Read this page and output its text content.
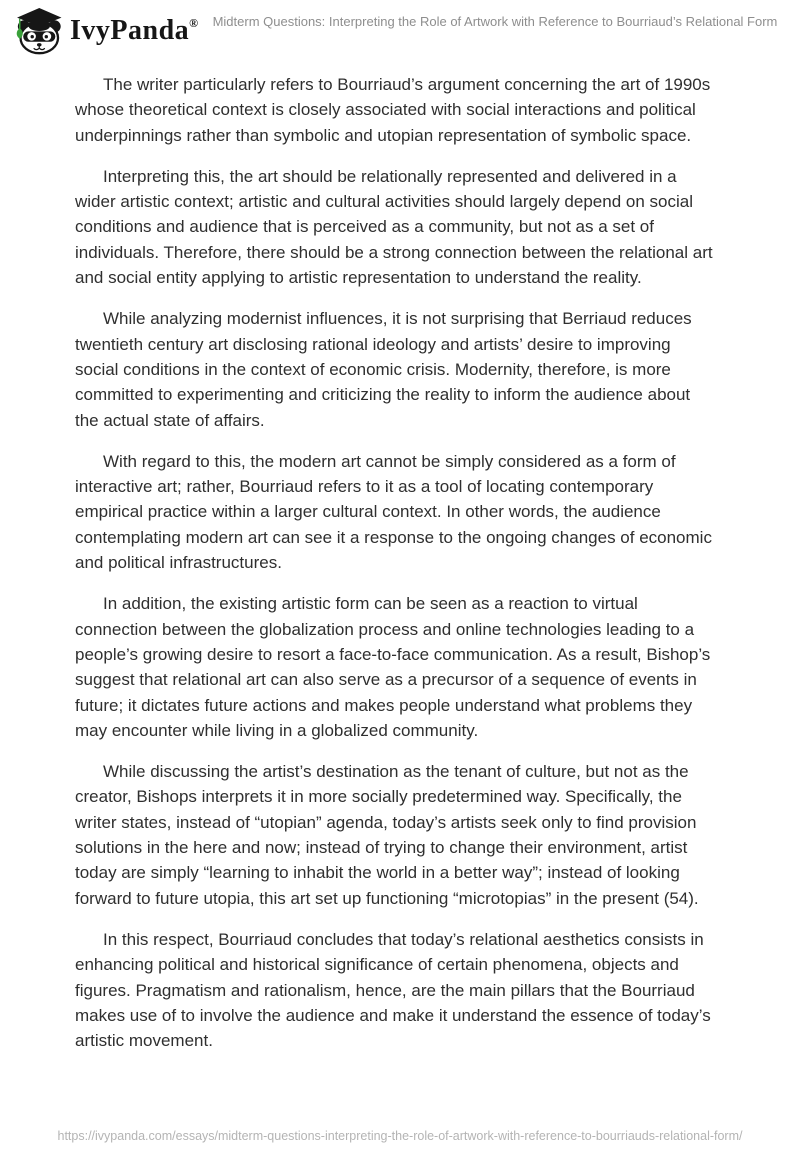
IvyPanda® Midterm Questions: Interpreting the Role of Artwork with Reference to Bourriaud’s Relational Form

The writer particularly refers to Bourriaud’s argument concerning the art of 1990s whose theoretical context is closely associated with social interactions and political underpinnings rather than symbolic and utopian representation of symbolic space.

Interpreting this, the art should be relationally represented and delivered in a wider artistic context; artistic and cultural activities should largely depend on social conditions and audience that is perceived as a community, but not as a set of individuals. Therefore, there should be a strong connection between the relational art and social entity applying to artistic representation to understand the reality.

While analyzing modernist influences, it is not surprising that Berriaud reduces twentieth century art disclosing rational ideology and artists’ desire to improving social conditions in the context of economic crisis. Modernity, therefore, is more committed to experimenting and criticizing the reality to inform the audience about the actual state of affairs.

With regard to this, the modern art cannot be simply considered as a form of interactive art; rather, Bourriaud refers to it as a tool of locating contemporary empirical practice within a larger cultural context. In other words, the audience contemplating modern art can see it a response to the ongoing changes of economic and political infrastructures.

In addition, the existing artistic form can be seen as a reaction to virtual connection between the globalization process and online technologies leading to a people’s growing desire to resort a face-to-face communication. As a result, Bishop’s suggest that relational art can also serve as a precursor of a sequence of events in future; it dictates future actions and makes people understand what problems they may encounter while living in a globalized community.

While discussing the artist’s destination as the tenant of culture, but not as the creator, Bishops interprets it in more socially predetermined way. Specifically, the writer states, instead of “utopian” agenda, today’s artists seek only to find provision solutions in the here and now; instead of trying to change their environment, artist today are simply “learning to inhabit the world in a better way”; instead of looking forward to future utopia, this art set up functioning “microtopias” in the present (54).

In this respect, Bourriaud concludes that today’s relational aesthetics consists in enhancing political and historical significance of certain phenomena, objects and figures. Pragmatism and rationalism, hence, are the main pillars that the Bourriaud makes use of to involve the audience and make it understand the essence of today’s artistic movement.

https://ivypanda.com/essays/midterm-questions-interpreting-the-role-of-artwork-with-reference-to-bourriauds-relational-form/
